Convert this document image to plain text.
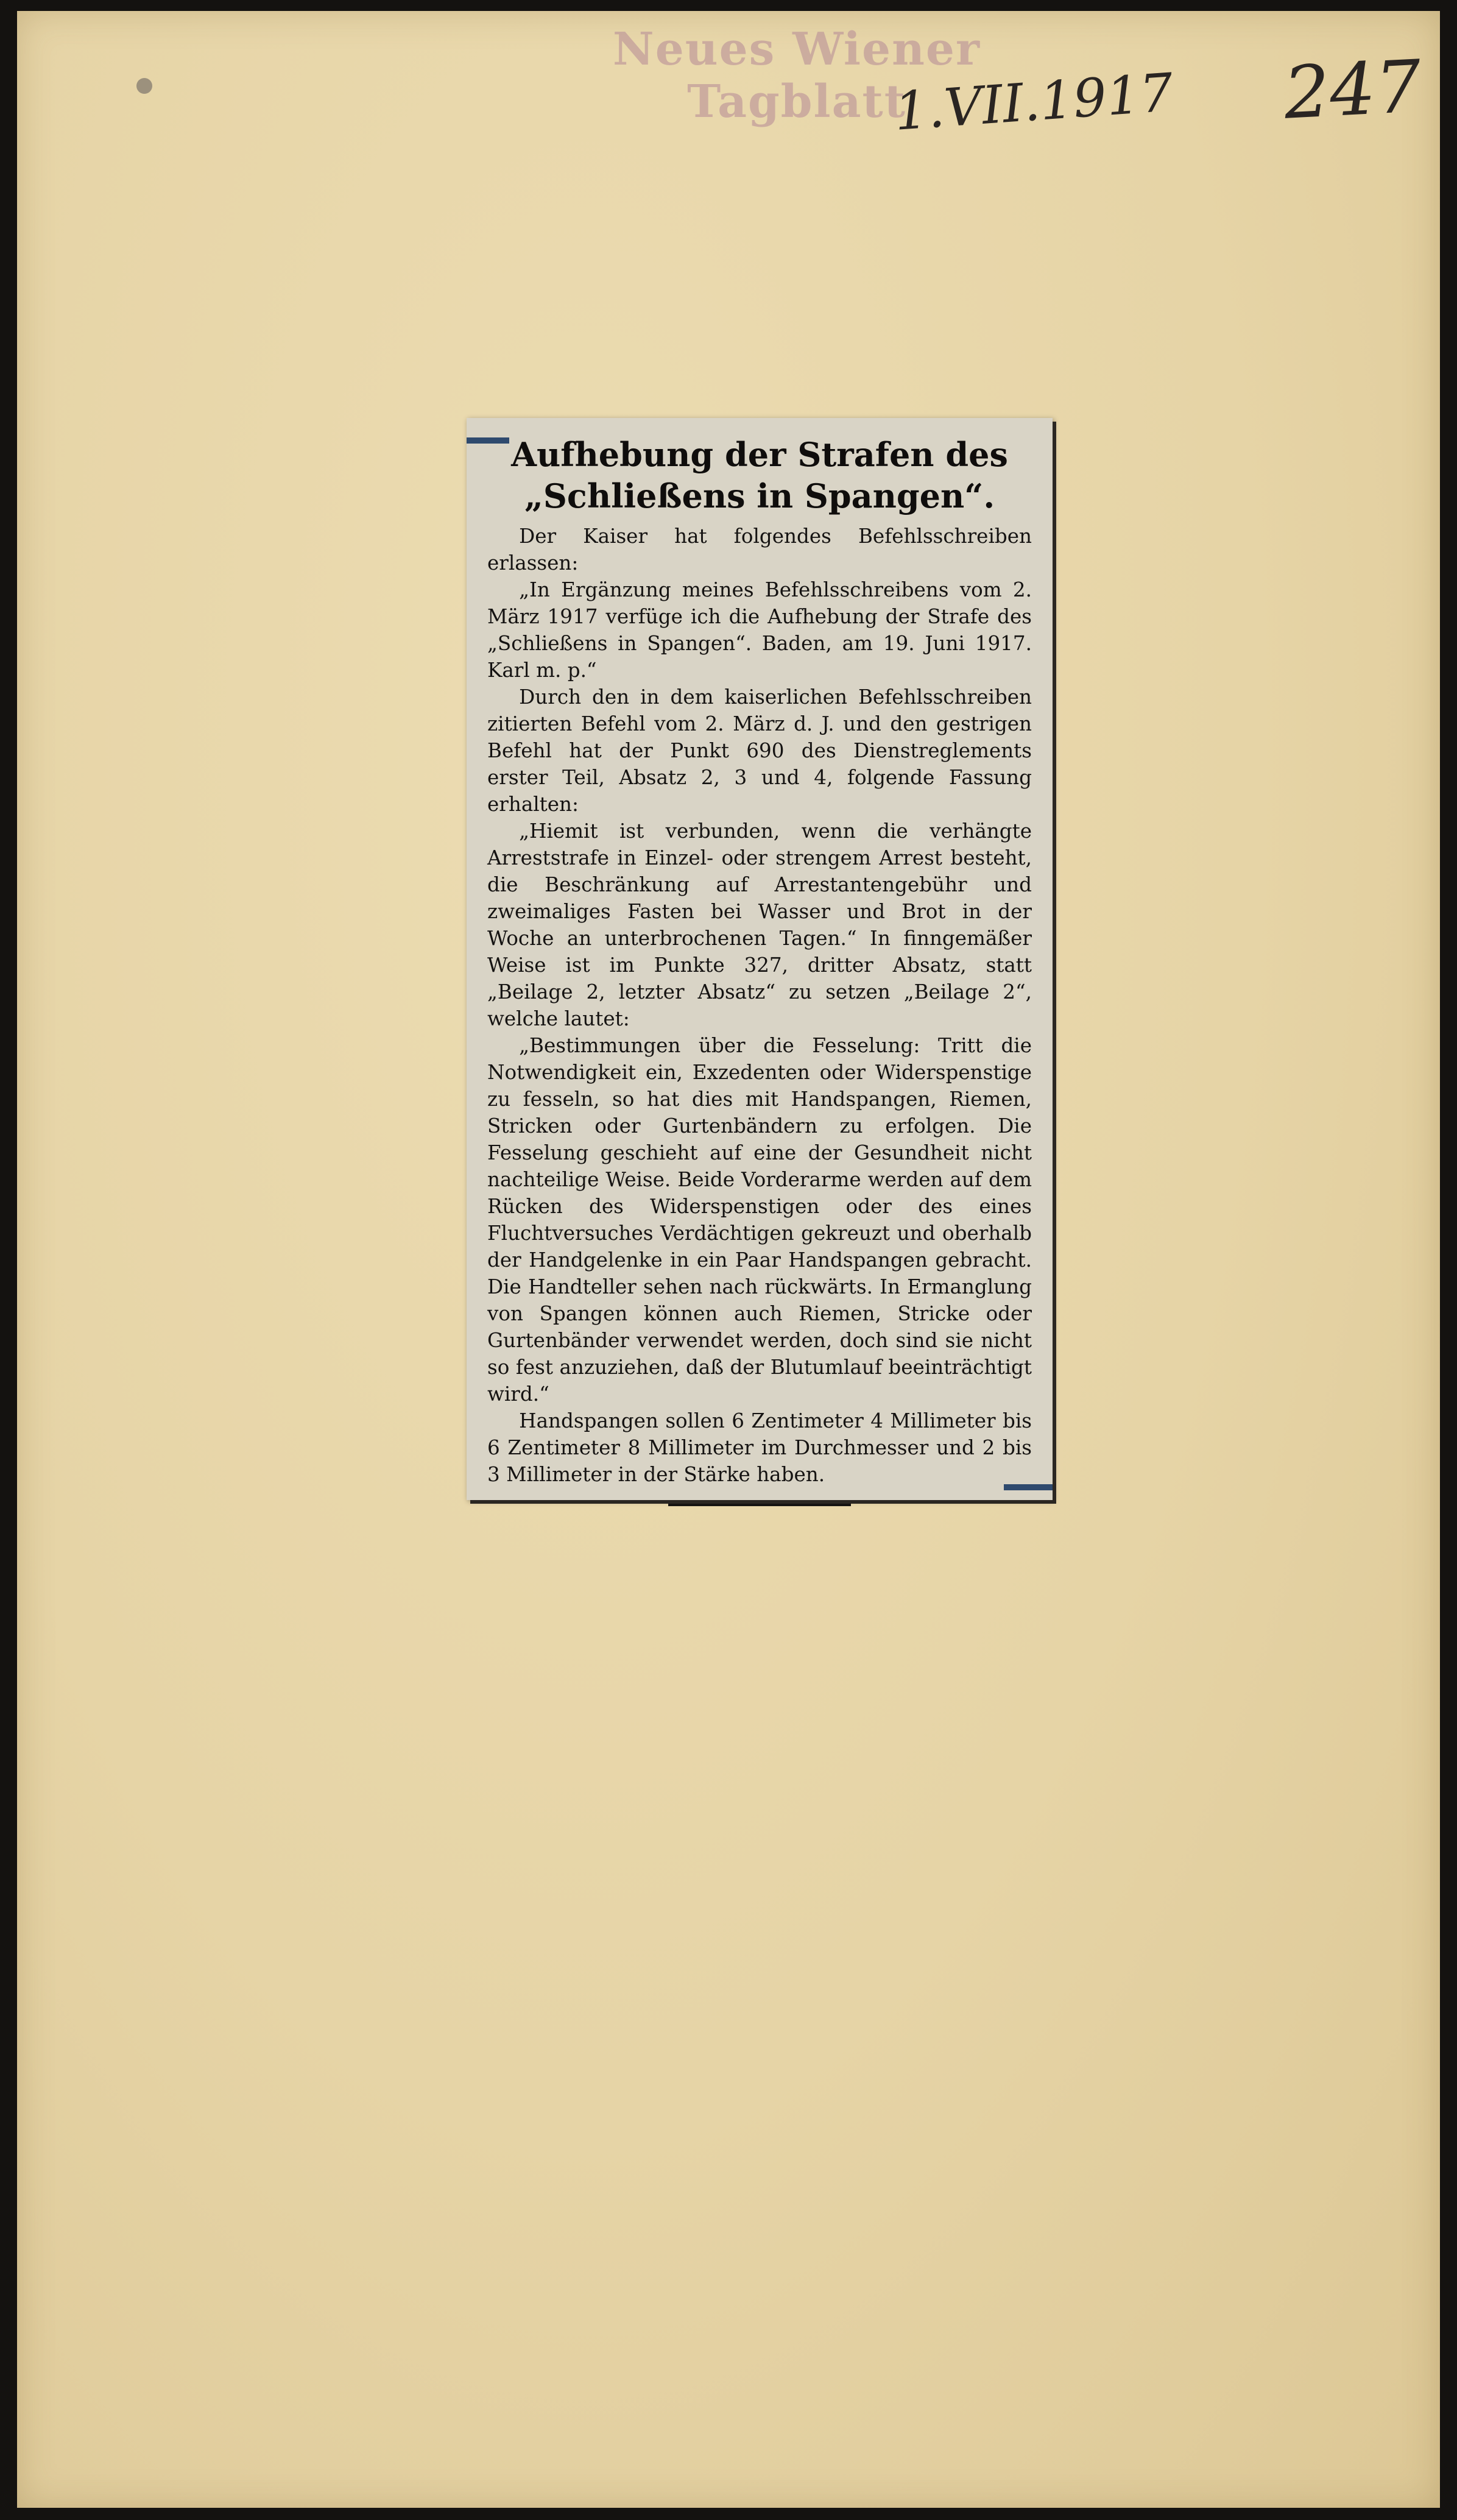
Neues Wiener Tagblatt
1.VII.1917 247
Aufhebung der Strafen des
„Schließens in Spangen“.

Der Kaiser hat folgendes Befehlsschreiben erlassen:

„In Ergänzung meines Befehlsschreibens vom 2. März 1917 verfüge ich die Aufhebung der Strafe des „Schließens in Spangen“. Baden, am 19. Juni 1917. Karl m. p.“

Durch den in dem kaiserlichen Befehlsschreiben zitierten Befehl vom 2. März d. J. und den gestrigen Befehl hat der Punkt 690 des Dienstreglements erster Teil, Absatz 2, 3 und 4, folgende Fassung erhalten:

„Hiemit ist verbunden, wenn die verhängte Arreststrafe in Einzel- oder strengem Arrest besteht, die Beschränkung auf Arrestantengebühr und zweimaliges Fasten bei Wasser und Brot in der Woche an unterbrochenen Tagen.“ In finngemäßer Weise ist im Punkte 327, dritter Absatz, statt „Beilage 2, letzter Absatz“ zu setzen „Beilage 2“, welche lautet:

„Bestimmungen über die Fesselung: Tritt die Notwendigkeit ein, Exzedenten oder Widerspenstige zu fesseln, so hat dies mit Handspangen, Riemen, Stricken oder Gurtenbändern zu erfolgen. Die Fesselung geschieht auf eine der Gesundheit nicht nachteilige Weise. Beide Vorderarme werden auf dem Rücken des Widerspenstigen oder des eines Fluchtversuches Verdächtigen gekreuzt und oberhalb der Handgelenke in ein Paar Handspangen gebracht. Die Handteller sehen nach rückwärts. In Ermanglung von Spangen können auch Riemen, Stricke oder Gurtenbänder verwendet werden, doch sind sie nicht so fest anzuziehen, daß der Blutumlauf beeinträchtigt wird.“

Handspangen sollen 6 Zentimeter 4 Millimeter bis 6 Zentimeter 8 Millimeter im Durchmesser und 2 bis 3 Millimeter in der Stärke haben.
